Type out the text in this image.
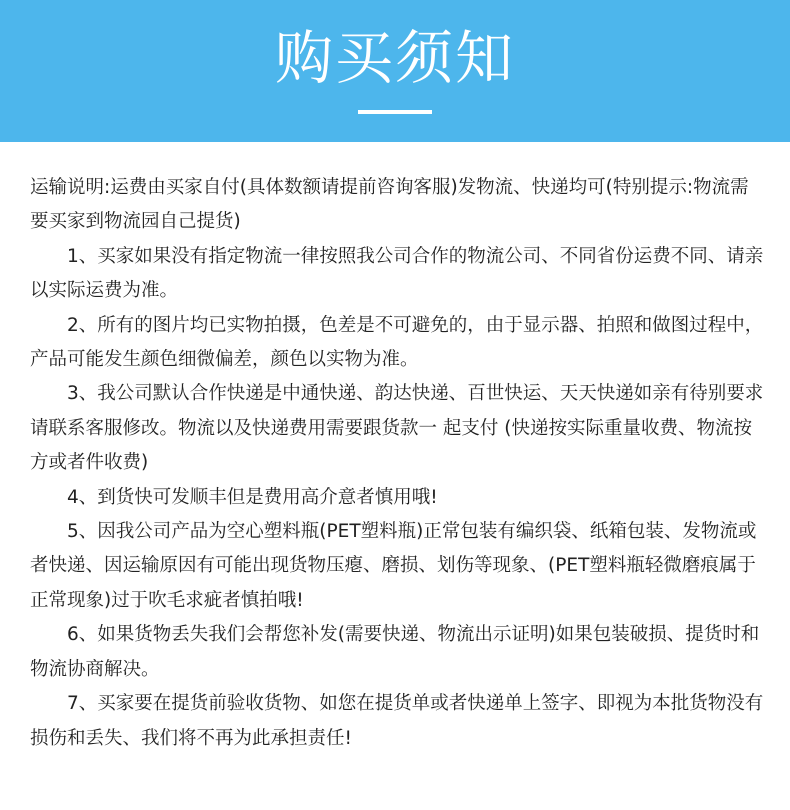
购买须知

运输说明:运费由买家自付(具体数额请提前咨询客服)发物流、快递均可(特别提示:物流需要买家到物流园自己提货)

1、买家如果没有指定物流一律按照我公司合作的物流公司、不同省份运费不同、请亲以实际运费为准。

2、所有的图片均已实物拍摄，色差是不可避免的，由于显示器、拍照和做图过程中，产品可能发生颜色细微偏差，颜色以实物为准。

3、我公司默认合作快递是中通快递、韵达快递、百世快运、天天快递如亲有待别要求请联系客服修改。物流以及快递费用需要跟货款一 起支付 (快递按实际重量收费、物流按方或者件收费)

4、到货快可发顺丰但是费用高介意者慎用哦!

5、因我公司产品为空心塑料瓶(PET塑料瓶)正常包装有编织袋、纸箱包装、发物流或者快递、因运输原因有可能出现货物压瘪、磨损、划伤等现象、(PET塑料瓶轻微磨痕属于正常现象)过于吹毛求疵者慎拍哦!

6、如果货物丢失我们会帮您补发(需要快递、物流出示证明)如果包装破损、提货时和物流协商解决。

7、买家要在提货前验收货物、如您在提货单或者快递单上签字、即视为本批货物没有损伤和丢失、我们将不再为此承担责任!
